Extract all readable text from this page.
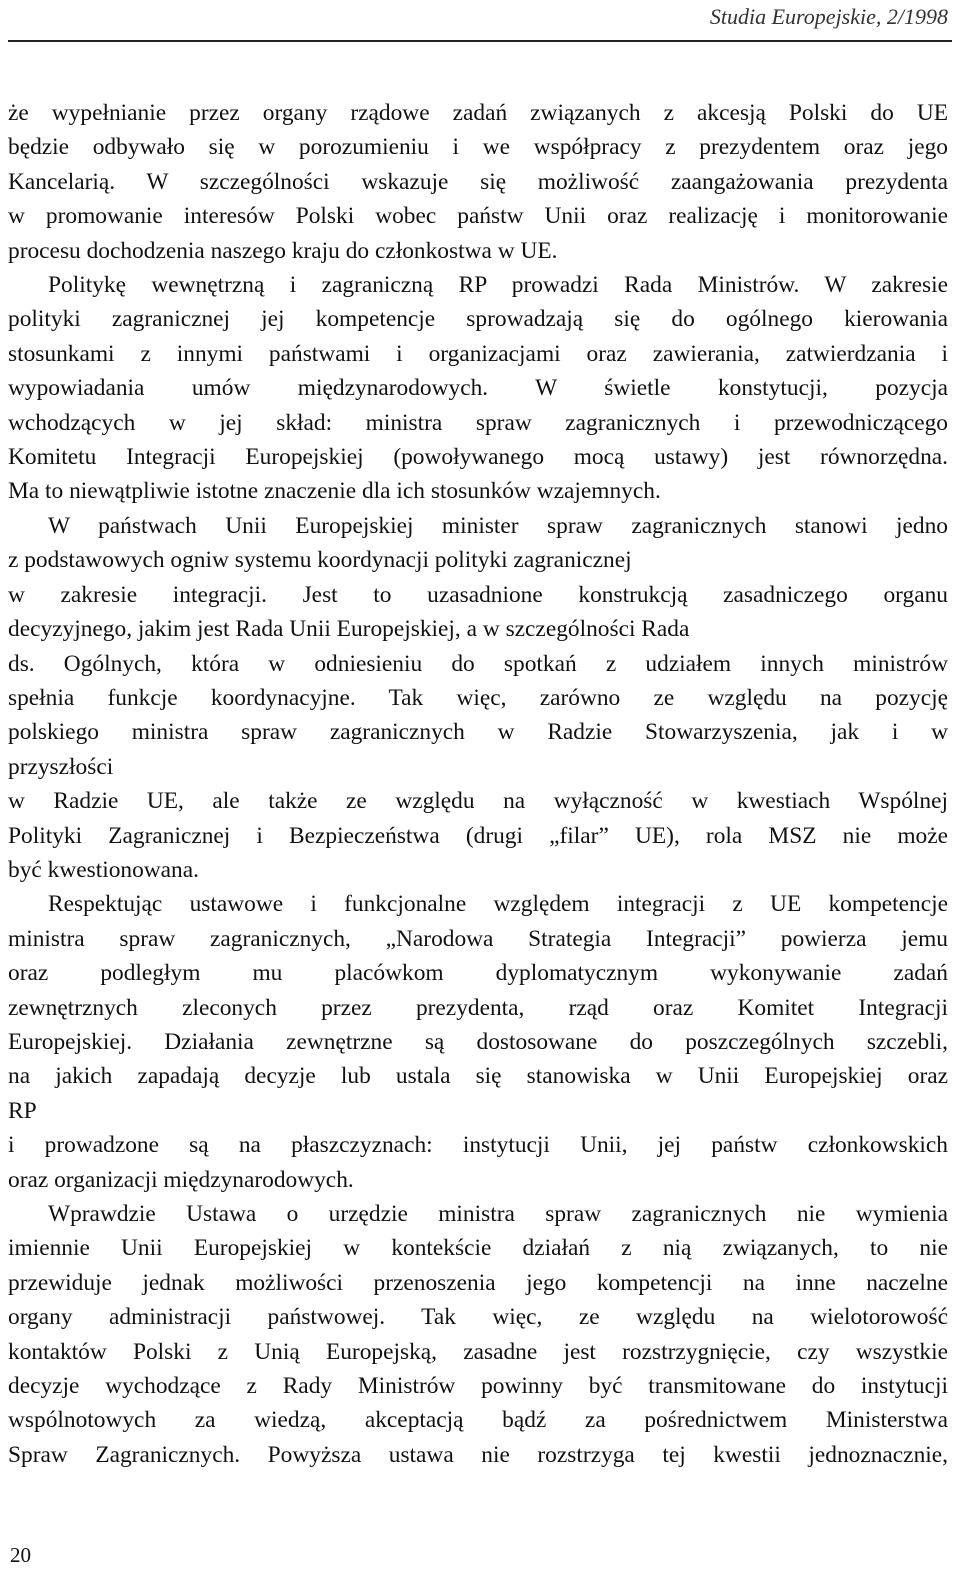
Studia Europejskie, 2/1998

że wypełnianie przez organy rządowe zadań związanych z akcesją Polski do UE
będzie odbywało się w porozumieniu i we współpracy z prezydentem oraz jego
Kancelarią. W szczególności wskazuje się możliwość zaangażowania prezydenta
w promowanie interesów Polski wobec państw Unii oraz realizację i monitorowanie
procesu dochodzenia naszego kraju do członkostwa w UE.

Politykę wewnętrzną i zagraniczną RP prowadzi Rada Ministrów. W zakresie
polityki zagranicznej jej kompetencje sprowadzają się do ogólnego kierowania
stosunkami z innymi państwami i organizacjami oraz zawierania, zatwierdzania i
wypowiadania umów międzynarodowych. W świetle konstytucji, pozycja
wchodzących w jej skład: ministra spraw zagranicznych i przewodniczącego
Komitetu Integracji Europejskiej (powoływanego mocą ustawy) jest równorzędna.
Ma to niewątpliwie istotne znaczenie dla ich stosunków wzajemnych.

W państwach Unii Europejskiej minister spraw zagranicznych stanowi jedno
z podstawowych ogniw systemu koordynacji polityki zagranicznej
w zakresie integracji. Jest to uzasadnione konstrukcją zasadniczego organu
decyzyjnego, jakim jest Rada Unii Europejskiej, a w szczególności Rada
ds. Ogólnych, która w odniesieniu do spotkań z udziałem innych ministrów
spełnia funkcje koordynacyjne. Tak więc, zarówno ze względu na pozycję
polskiego ministra spraw zagranicznych w Radzie Stowarzyszenia, jak i w
przyszłości
w Radzie UE, ale także ze względu na wyłączność w kwestiach Wspólnej
Polityki Zagranicznej i Bezpieczeństwa (drugi „filar” UE), rola MSZ nie może
być kwestionowana.

Respektując ustawowe i funkcjonalne względem integracji z UE kompetencje
ministra spraw zagranicznych, „Narodowa Strategia Integracji” powierza jemu
oraz podległym mu placówkom dyplomatycznym wykonywanie zadań
zewnętrznych zleconych przez prezydenta, rząd oraz Komitet Integracji
Europejskiej. Działania zewnętrzne są dostosowane do poszczególnych szczebli,
na jakich zapadają decyzje lub ustala się stanowiska w Unii Europejskiej oraz
RP
i prowadzone są na płaszczyznach: instytucji Unii, jej państw członkowskich
oraz organizacji międzynarodowych.

Wprawdzie Ustawa o urzędzie ministra spraw zagranicznych nie wymienia
imiennie Unii Europejskiej w kontekście działań z nią związanych, to nie
przewiduje jednak możliwości przenoszenia jego kompetencji na inne naczelne
organy administracji państwowej. Tak więc, ze względu na wielotorowość
kontaktów Polski z Unią Europejską, zasadne jest rozstrzygnięcie, czy wszystkie
decyzje wychodzące z Rady Ministrów powinny być transmitowane do instytucji
wspólnotowych za wiedzą, akceptacją bądź za pośrednictwem Ministerstwa
Spraw Zagranicznych. Powyższa ustawa nie rozstrzyga tej kwestii jednoznacznie,

20
